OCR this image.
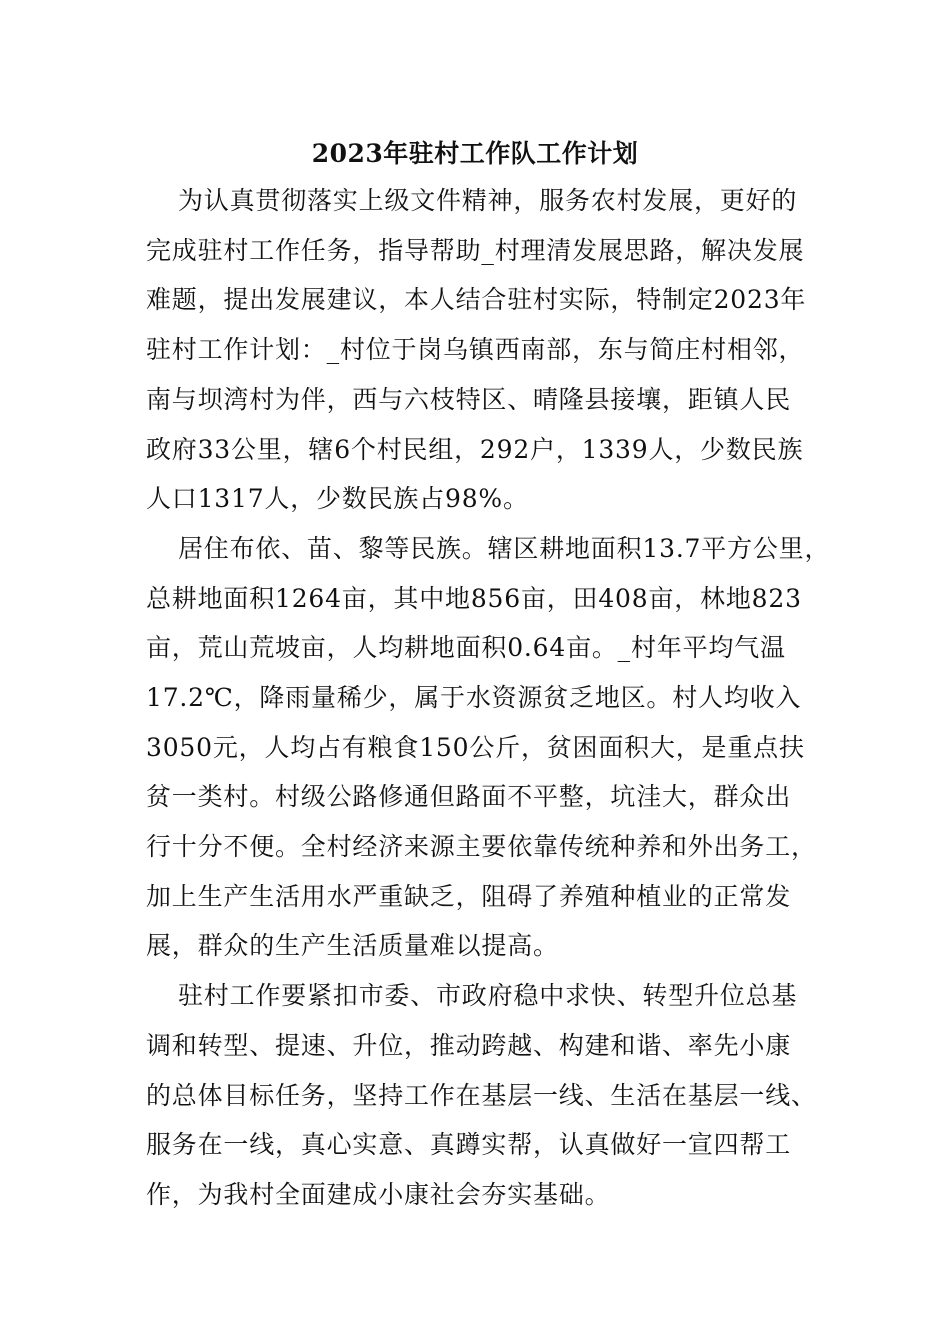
2023年驻村工作队工作计划
为认真贯彻落实上级文件精神，服务农村发展，更好的
完成驻村工作任务，指导帮助_村理清发展思路，解决发展
难题，提出发展建议，本人结合驻村实际，特制定2023年
驻村工作计划：_村位于岗乌镇西南部，东与简庄村相邻，
南与坝湾村为伴，西与六枝特区、晴隆县接壤，距镇人民
政府33公里，辖6个村民组，292户，1339人，少数民族
人口1317人，少数民族占98%。
居住布依、苗、黎等民族。辖区耕地面积13.7平方公里，
总耕地面积1264亩，其中地856亩，田408亩，林地823
亩，荒山荒坡亩，人均耕地面积0.64亩。_村年平均气温
17.2℃，降雨量稀少，属于水资源贫乏地区。村人均收入
3050元，人均占有粮食150公斤，贫困面积大，是重点扶
贫一类村。村级公路修通但路面不平整，坑洼大，群众出
行十分不便。全村经济来源主要依靠传统种养和外出务工，
加上生产生活用水严重缺乏，阻碍了养殖种植业的正常发
展，群众的生产生活质量难以提高。
驻村工作要紧扣市委、市政府稳中求快、转型升位总基
调和转型、提速、升位，推动跨越、构建和谐、率先小康
的总体目标任务，坚持工作在基层一线、生活在基层一线、
服务在一线，真心实意、真蹲实帮，认真做好一宣四帮工
作，为我村全面建成小康社会夯实基础。
